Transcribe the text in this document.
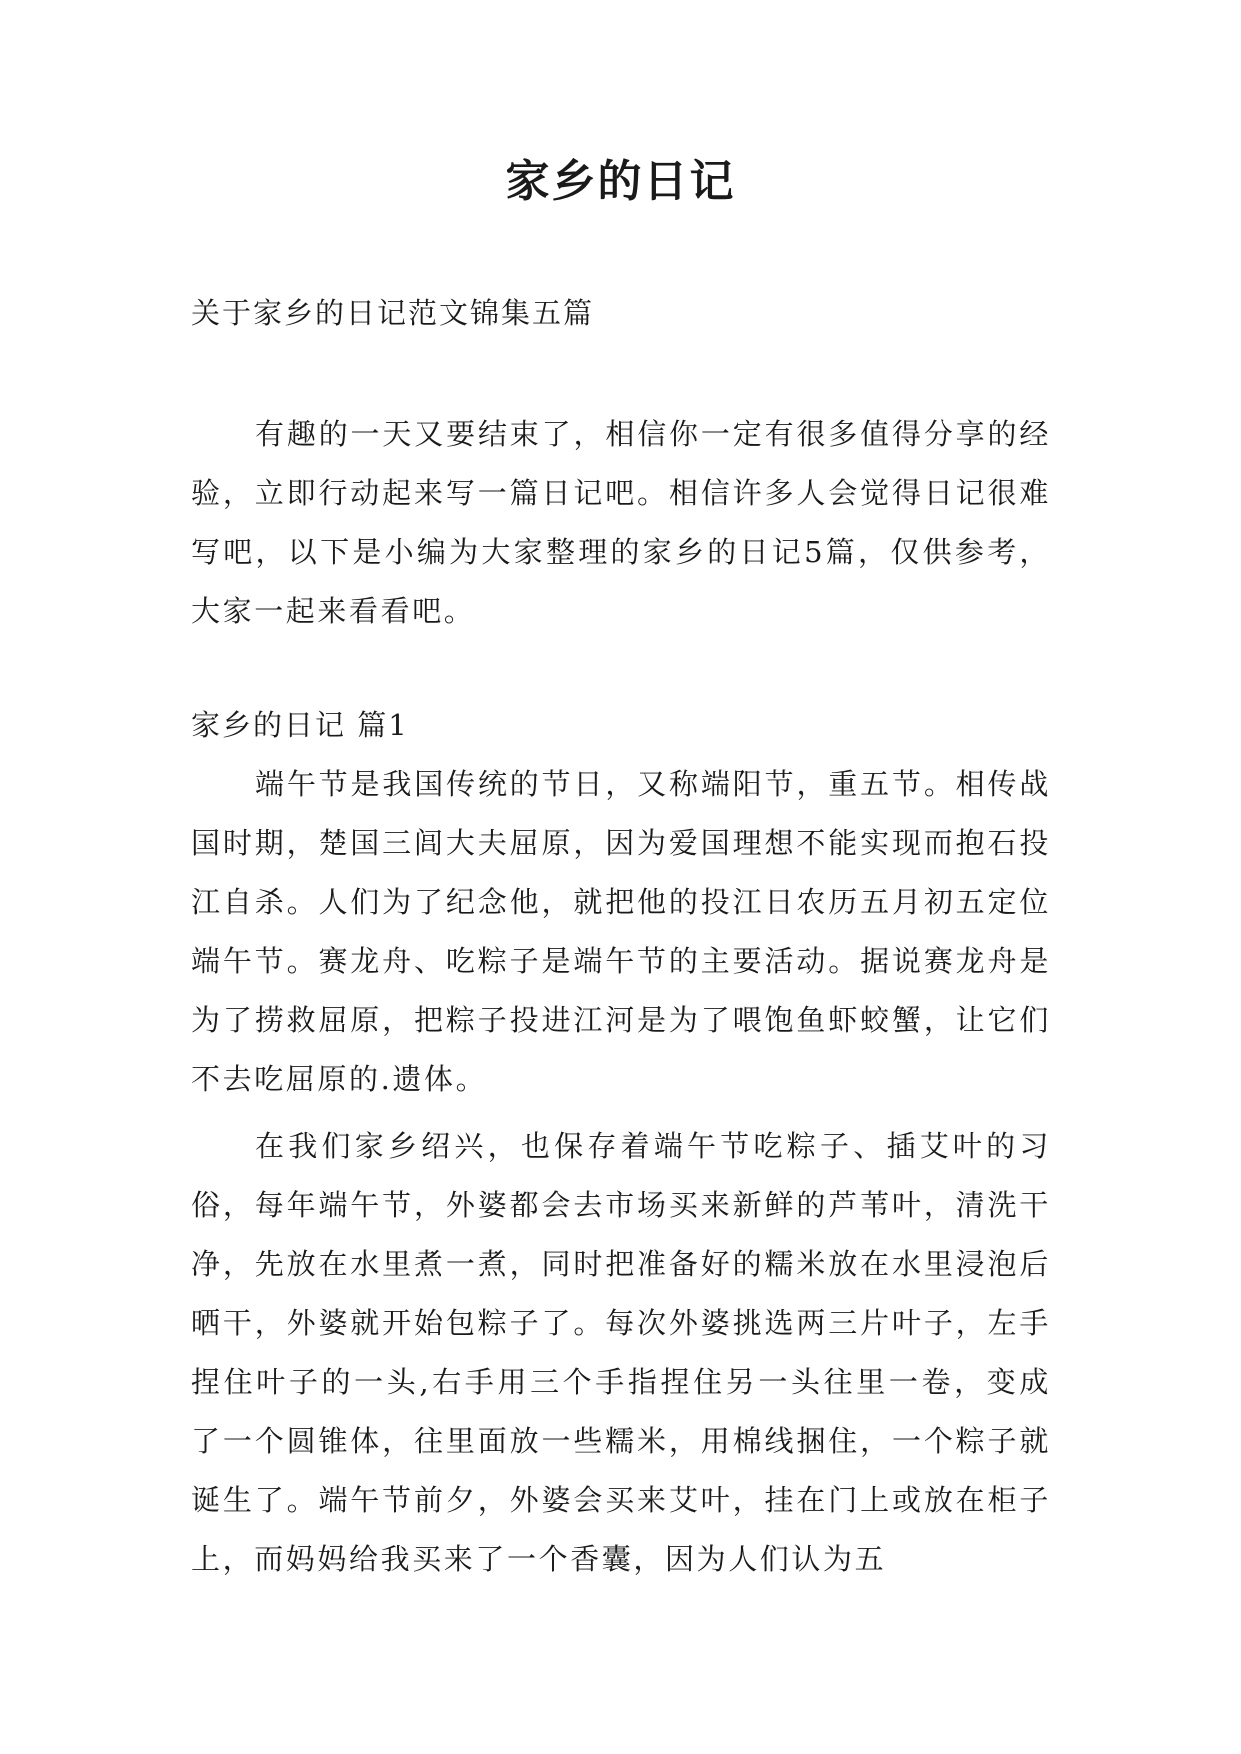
家乡的日记

关于家乡的日记范文锦集五篇

有趣的一天又要结束了，相信你一定有很多值得分享的经验，立即行动起来写一篇日记吧。相信许多人会觉得日记很难写吧，以下是小编为大家整理的家乡的日记5篇，仅供参考，大家一起来看看吧。

家乡的日记 篇1

端午节是我国传统的节日，又称端阳节，重五节。相传战国时期，楚国三闾大夫屈原，因为爱国理想不能实现而抱石投江自杀。人们为了纪念他，就把他的投江日农历五月初五定位端午节。赛龙舟、吃粽子是端午节的主要活动。据说赛龙舟是为了捞救屈原，把粽子投进江河是为了喂饱鱼虾蛟蟹，让它们不去吃屈原的.遗体。

在我们家乡绍兴，也保存着端午节吃粽子、插艾叶的习俗，每年端午节，外婆都会去市场买来新鲜的芦苇叶，清洗干净，先放在水里煮一煮，同时把准备好的糯米放在水里浸泡后晒干，外婆就开始包粽子了。每次外婆挑选两三片叶子，左手捏住叶子的一头,右手用三个手指捏住另一头往里一卷，变成了一个圆锥体，往里面放一些糯米，用棉线捆住，一个粽子就诞生了。端午节前夕，外婆会买来艾叶，挂在门上或放在柜子上，而妈妈给我买来了一个香囊，因为人们认为五
